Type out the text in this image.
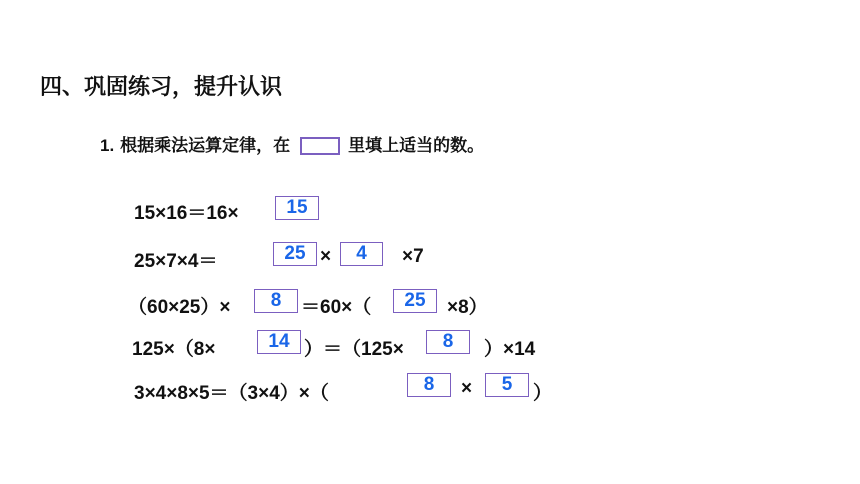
四、巩固练习，提升认识
1. 根据乘法运算定律，在	里填上适当的数。
15×16＝16×	15
25×7×4＝	25 ×	4	×7
（60×25）×	8	＝60×（	25	×8）
125×（8×	14 ）＝（125×	8	）×14
3×4×8×5＝（3×4）×（	8	×	5	）
